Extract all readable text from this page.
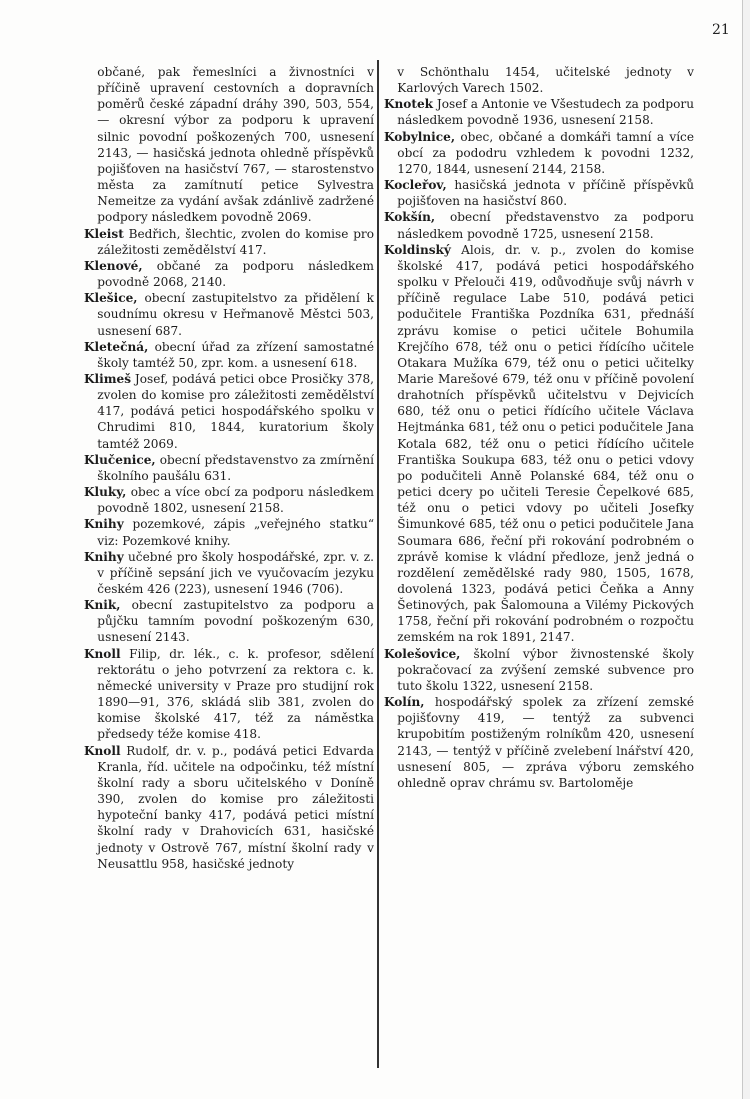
21
občané, pak řemeslníci a živnostníci v příčině upravení cestovních a dopravních poměrů české západní dráhy 390, 503, 554, — okresní výbor za podporu k upravení silnic povodní poškozených 700, usnesení 2143, — hasičská jednota ohledně příspěvků pojišťoven na hasičství 767, — starostenstvo města za zamítnutí petice Sylvestra Nemeitze za vydání avšak zdánlivě zadržené podpory následkem povodně 2069.
Kleist Bedřich, šlechtic, zvolen do komise pro záležitosti zemědělství 417.
Klenové, občané za podporu následkem povodně 2068, 2140.
Klešice, obecní zastupitelstvo za přidělení k soudnímu okresu v Heřmanově Městci 503, usnesení 687.
Kletečná, obecní úřad za zřízení samostatné školy tamtéž 50, zpr. kom. a usnesení 618.
Klimeš Josef, podává petici obce Prosičky 378, zvolen do komise pro záležitosti zemědělství 417, podává petici hospodářského spolku v Chrudimi 810, 1844, kuratorium školy tamtéž 2069.
Klučenice, obecní představenstvo za zmírnění školního paušálu 631.
Kluky, obec a více obcí za podporu následkem povodně 1802, usnesení 2158.
Knihy pozemkové, zápis „veřejného statku“ viz: Pozemkové knihy.
Knihy učebné pro školy hospodářské, zpr. v. z. v příčině sepsání jich ve vyučovacím jezyku českém 426 (223), usnesení 1946 (706).
Knik, obecní zastupitelstvo za podporu a půjčku tamním povodní poškozeným 630, usnesení 2143.
Knoll Filip, dr. lék., c. k. profesor, sdělení rektorátu o jeho potvrzení za rektora c. k. německé university v Praze pro studijní rok 1890—91, 376, skládá slib 381, zvolen do komise školské 417, též za náměstka předsedy téže komise 418.
Knoll Rudolf, dr. v. p., podává petici Edvarda Kranla, říd. učitele na odpočinku, též místní školní rady a sboru učitelského v Doníně 390, zvolen do komise pro záležitosti hypoteční banky 417, podává petici místní školní rady v Drahovicích 631, hasičské jednoty v Ostrově 767, místní školní rady v Neusattlu 958, hasičské jednoty
v Schönthalu 1454, učitelské jednoty v Karlových Varech 1502.
Knotek Josef a Antonie ve Všestudech za podporu následkem povodně 1936, usnesení 2158.
Kobylnice, obec, občané a domkáři tamní a více obcí za pododru vzhledem k povodni 1232, 1270, 1844, usnesení 2144, 2158.
Kocleřov, hasičská jednota v příčině příspěvků pojišťoven na hasičství 860.
Kokšín, obecní představenstvo za podporu následkem povodně 1725, usnesení 2158.
Koldinský Alois, dr. v. p., zvolen do komise školské 417, podává petici hospodářského spolku v Přelouči 419, odůvodňuje svůj návrh v příčině regulace Labe 510, podává petici podučitele Františka Pozdníka 631, přednáší zprávu komise o petici učitele Bohumila Krejčího 678, též onu o petici řídícího učitele Otakara Mužíka 679, též onu o petici učitelky Marie Marešové 679, též onu v příčině povolení drahotních příspěvků učitelstvu v Dejvicích 680, též onu o petici řídícího učitele Václava Hejtmánka 681, též onu o petici podučitele Jana Kotala 682, též onu o petici řídícího učitele Františka Soukupa 683, též onu o petici vdovy po podučiteli Anně Polanské 684, též onu o petici dcery po učiteli Teresie Čepelkové 685, též onu o petici vdovy po učiteli Josefky Šimunkové 685, též onu o petici podučitele Jana Soumara 686, řeční při rokování podrobném o zprávě komise k vládní předloze, jenž jedná o rozdělení zemědělské rady 980, 1505, 1678, dovolená 1323, podává petici Čeňka a Anny Šetinových, pak Šalomouna a Vilémy Pickových 1758, řeční při rokování podrobném o rozpočtu zemském na rok 1891, 2147.
Kolešovice, školní výbor živnostenské školy pokračovací za zvýšení zemské subvence pro tuto školu 1322, usnesení 2158.
Kolín, hospodářský spolek za zřízení zemské pojišťovny 419, — tentýž za subvenci krupobitím postiženým rolníkům 420, usnesení 2143, — tentýž v příčině zvelebení lnářství 420, usnesení 805, — zpráva výboru zemského ohledně oprav chrámu sv. Bartoloměje
